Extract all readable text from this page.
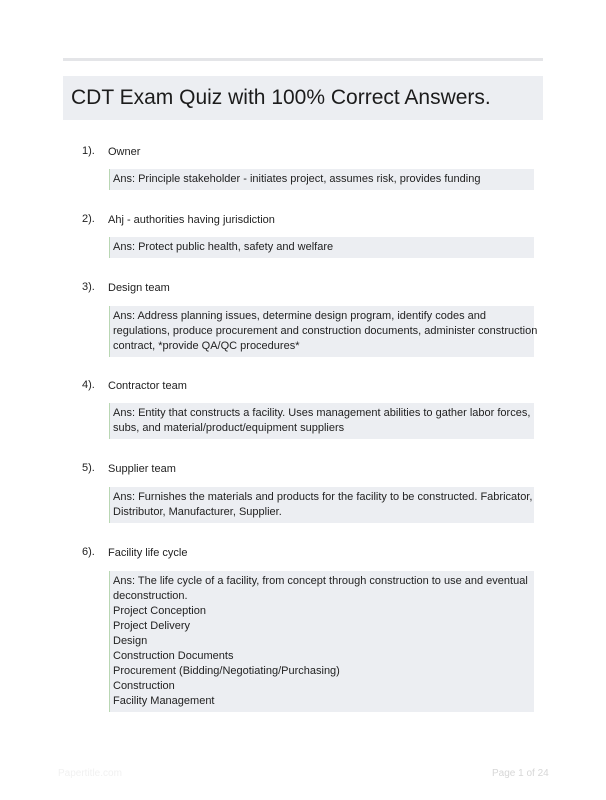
CDT Exam Quiz with 100% Correct Answers.
1). Owner
Ans: Principle stakeholder - initiates project, assumes risk, provides funding
2). Ahj - authorities having jurisdiction
Ans: Protect public health, safety and welfare
3). Design team
Ans: Address planning issues, determine design program, identify codes and
regulations, produce procurement and construction documents, administer construction
contract, *provide QA/QC procedures*
4). Contractor team
Ans: Entity that constructs a facility. Uses management abilities to gather labor forces,
subs, and material/product/equipment suppliers
5). Supplier team
Ans: Furnishes the materials and products for the facility to be constructed. Fabricator,
Distributor, Manufacturer, Supplier.
6). Facility life cycle
Ans: The life cycle of a facility, from concept through construction to use and eventual
deconstruction.
Project Conception
Project Delivery
Design
Construction Documents
Procurement (Bidding/Negotiating/Purchasing)
Construction
Facility Management
Papertitle.com	Page 1 of 24
